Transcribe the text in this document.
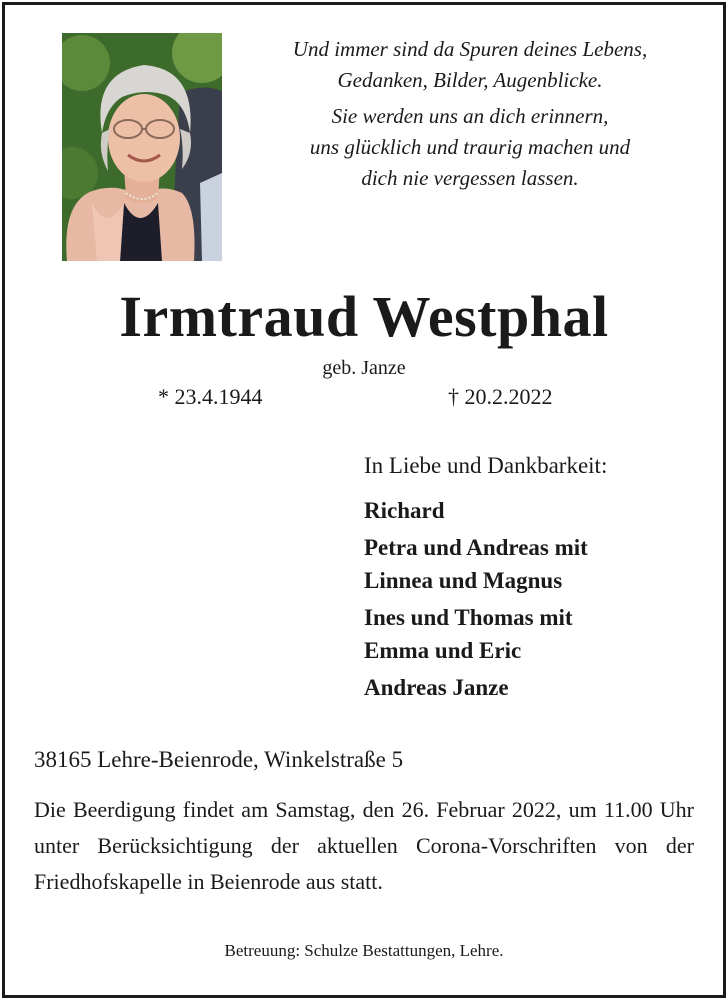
Und immer sind da Spuren deines Lebens,
Gedanken, Bilder, Augenblicke.
Sie werden uns an dich erinnern,
uns glücklich und traurig machen und
dich nie vergessen lassen.
Irmtraud Westphal
geb. Janze
* 23.4.1944	† 20.2.2022
In Liebe und Dankbarkeit:
Richard
Petra und Andreas mit
Linnea und Magnus
Ines und Thomas mit
Emma und Eric
Andreas Janze
38165 Lehre-Beienrode, Winkelstraße 5
Die Beerdigung findet am Samstag, den 26. Februar 2022, um 11.00 Uhr unter Berücksichtigung der aktuellen Corona-Vorschriften von der Friedhofskapelle in Beienrode aus statt.
Betreuung: Schulze Bestattungen, Lehre.
